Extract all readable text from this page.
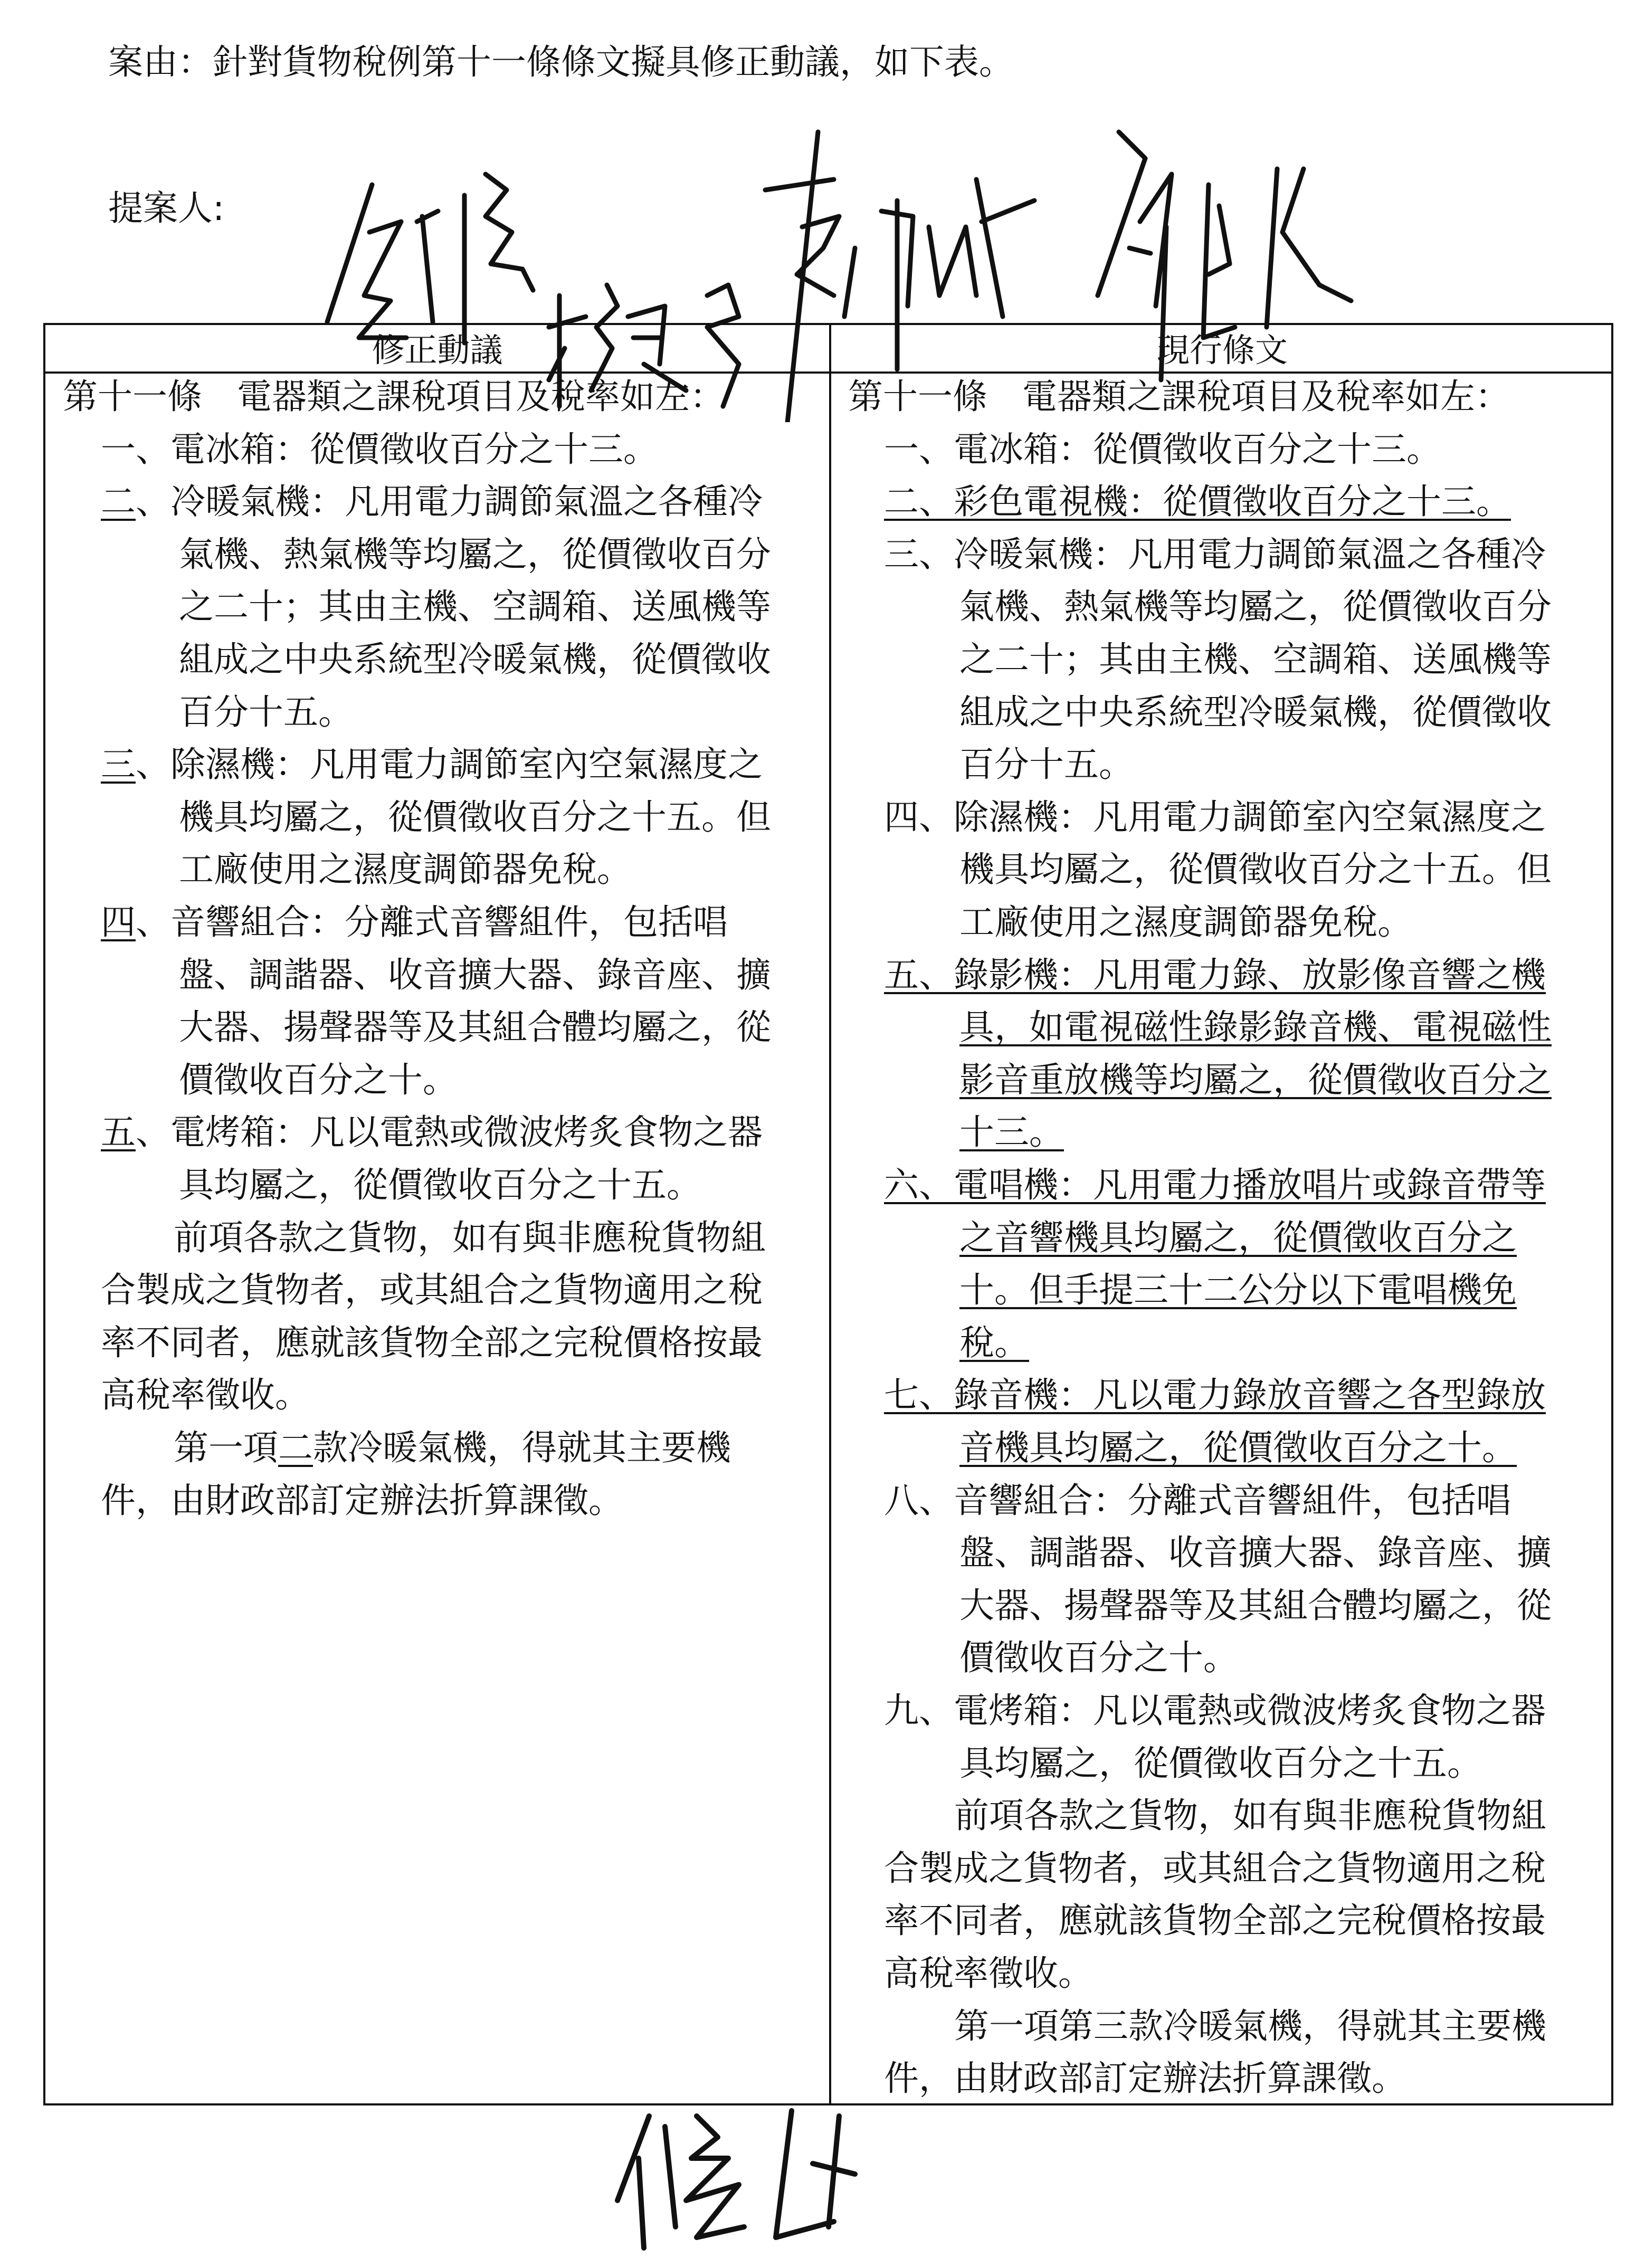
案由：針對貨物稅例第十一條條文擬具修正動議，如下表。
提案人:
修正動議	現行條文
第十一條　電器類之課稅項目及稅率如左：
一、電冰箱：從價徵收百分之十三。
二、冷暖氣機：凡用電力調節氣溫之各種冷
氣機、熱氣機等均屬之，從價徵收百分
之二十；其由主機、空調箱、送風機等
組成之中央系統型冷暖氣機，從價徵收
百分十五。
三、除濕機：凡用電力調節室內空氣濕度之
機具均屬之，從價徵收百分之十五。但
工廠使用之濕度調節器免稅。
四、音響組合：分離式音響組件，包括唱
盤、調諧器、收音擴大器、錄音座、擴
大器、揚聲器等及其組合體均屬之，從
價徵收百分之十。
五、電烤箱：凡以電熱或微波烤炙食物之器
具均屬之，從價徵收百分之十五。
前項各款之貨物，如有與非應稅貨物組
合製成之貨物者，或其組合之貨物適用之稅
率不同者，應就該貨物全部之完稅價格按最
高稅率徵收。
第一項二款冷暖氣機，得就其主要機
件，由財政部訂定辦法折算課徵。
第十一條　電器類之課稅項目及稅率如左：
一、電冰箱：從價徵收百分之十三。
二、彩色電視機：從價徵收百分之十三。
三、冷暖氣機：凡用電力調節氣溫之各種冷
氣機、熱氣機等均屬之，從價徵收百分
之二十；其由主機、空調箱、送風機等
組成之中央系統型冷暖氣機，從價徵收
百分十五。
四、除濕機：凡用電力調節室內空氣濕度之
機具均屬之，從價徵收百分之十五。但
工廠使用之濕度調節器免稅。
五、錄影機：凡用電力錄、放影像音響之機
具，如電視磁性錄影錄音機、電視磁性
影音重放機等均屬之，從價徵收百分之
十三。
六、電唱機：凡用電力播放唱片或錄音帶等
之音響機具均屬之，從價徵收百分之
十。但手提三十二公分以下電唱機免
稅。
七、錄音機：凡以電力錄放音響之各型錄放
音機具均屬之，從價徵收百分之十。
八、音響組合：分離式音響組件，包括唱
盤、調諧器、收音擴大器、錄音座、擴
大器、揚聲器等及其組合體均屬之，從
價徵收百分之十。
九、電烤箱：凡以電熱或微波烤炙食物之器
具均屬之，從價徵收百分之十五。
前項各款之貨物，如有與非應稅貨物組
合製成之貨物者，或其組合之貨物適用之稅
率不同者，應就該貨物全部之完稅價格按最
高稅率徵收。
第一項第三款冷暖氣機，得就其主要機
件，由財政部訂定辦法折算課徵。
